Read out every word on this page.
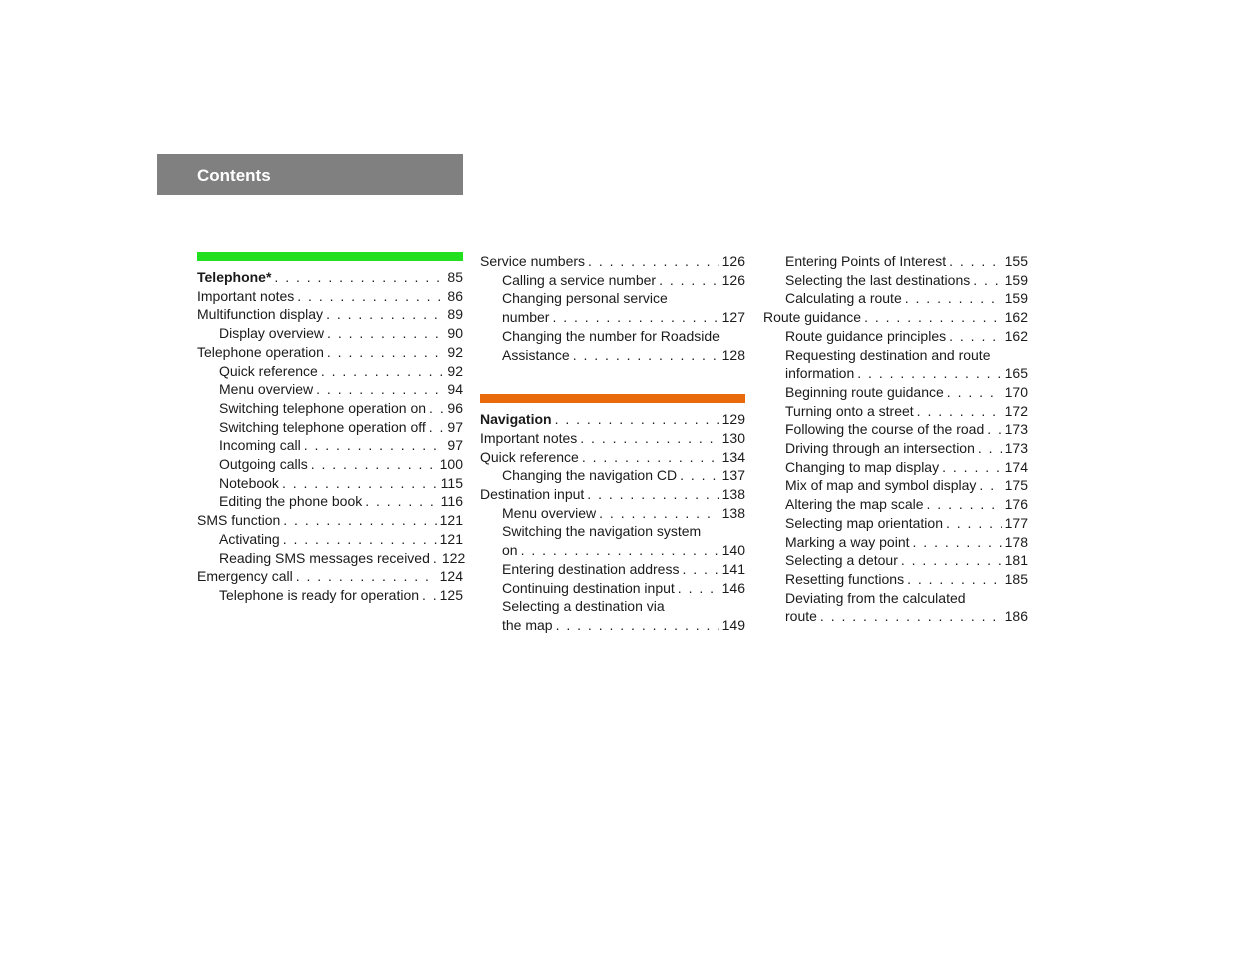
Contents
Telephone* . . .	85
Important notes . . .	86
Multifunction display . . .	89
Display overview . . .	90
Telephone operation . . .	92
Quick reference . . .	92
Menu overview . . .	94
Switching telephone operation on . . . 96
Switching telephone operation off . . . 97
Incoming call . . .	97
Outgoing calls . . .	100
Notebook . . .	115
Editing the phone book . . .	116
SMS function . . .	121
Activating . . .	121
Reading SMS messages received . . . 122
Emergency call . . .	124
Telephone is ready for operation . . . 125
Service numbers . . .	126
Calling a service number . . .	126
Changing personal service
number . . .	127
Changing the number for Roadside
Assistance . . .	128
Navigation . . .	129
Important notes . . .	130
Quick reference . . .	134
Changing the navigation CD . . .	137
Destination input . . .	138
Menu overview . . .	138
Switching the navigation system
on . . .	140
Entering destination address . . .	141
Continuing destination input . . .	146
Selecting a destination via
the map . . .	149
Entering Points of Interest . . .	155
Selecting the last destinations . . . 159
Calculating a route . . .	159
Route guidance . . .	162
Route guidance principles . . .	162
Requesting destination and route
information . . .	165
Beginning route guidance . . .	170
Turning onto a street . . .	172
Following the course of the road . . . 173
Driving through an intersection . . . 173
Changing to map display . . .	174
Mix of map and symbol display . . . 175
Altering the map scale . . .	176
Selecting map orientation . . .	177
Marking a way point . . .	178
Selecting a detour . . .	181
Resetting functions . . .	185
Deviating from the calculated
route . . .	186
